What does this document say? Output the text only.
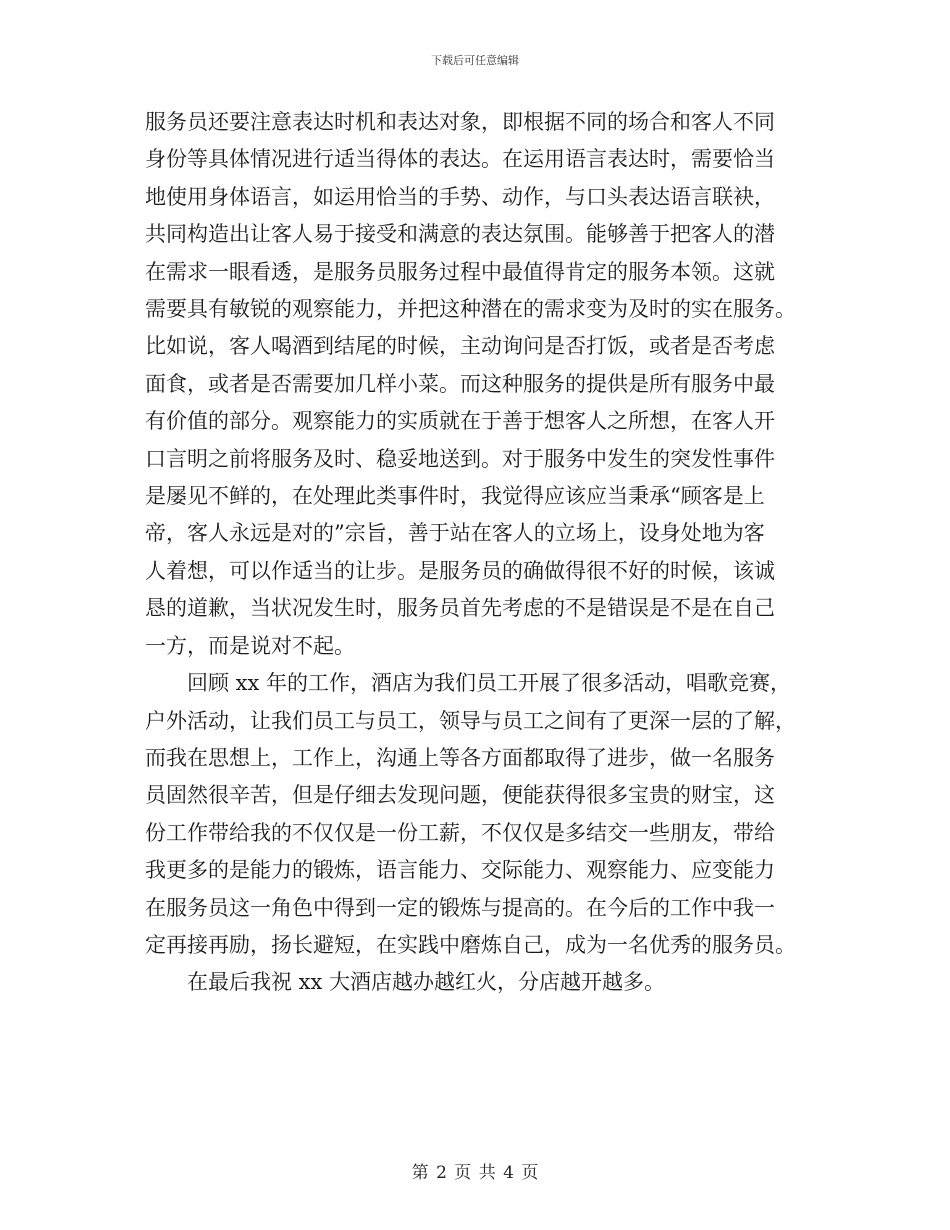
下载后可任意编辑

服务员还要注意表达时机和表达对象，即根据不同的场合和客人不同
身份等具体情况进行适当得体的表达。在运用语言表达时，需要恰当
地使用身体语言，如运用恰当的手势、动作，与口头表达语言联袂，
共同构造出让客人易于接受和满意的表达氛围。能够善于把客人的潜
在需求一眼看透，是服务员服务过程中最值得肯定的服务本领。这就
需要具有敏锐的观察能力，并把这种潜在的需求变为及时的实在服务。
比如说，客人喝酒到结尾的时候，主动询问是否打饭，或者是否考虑
面食，或者是否需要加几样小菜。而这种服务的提供是所有服务中最
有价值的部分。观察能力的实质就在于善于想客人之所想，在客人开
口言明之前将服务及时、稳妥地送到。对于服务中发生的突发性事件
是屡见不鲜的，在处理此类事件时，我觉得应该应当秉承“顾客是上
帝，客人永远是对的”宗旨，善于站在客人的立场上，设身处地为客
人着想，可以作适当的让步。是服务员的确做得很不好的时候，该诚
恳的道歉，当状况发生时，服务员首先考虑的不是错误是不是在自己
一方，而是说对不起。

回顾 xx 年的工作，酒店为我们员工开展了很多活动，唱歌竞赛，
户外活动，让我们员工与员工，领导与员工之间有了更深一层的了解，
而我在思想上，工作上，沟通上等各方面都取得了进步，做一名服务
员固然很辛苦，但是仔细去发现问题，便能获得很多宝贵的财宝，这
份工作带给我的不仅仅是一份工薪，不仅仅是多结交一些朋友，带给
我更多的是能力的锻炼，语言能力、交际能力、观察能力、应变能力
在服务员这一角色中得到一定的锻炼与提高的。在今后的工作中我一
定再接再励，扬长避短，在实践中磨炼自己，成为一名优秀的服务员。

在最后我祝 xx 大酒店越办越红火，分店越开越多。

第 2 页 共 4 页
